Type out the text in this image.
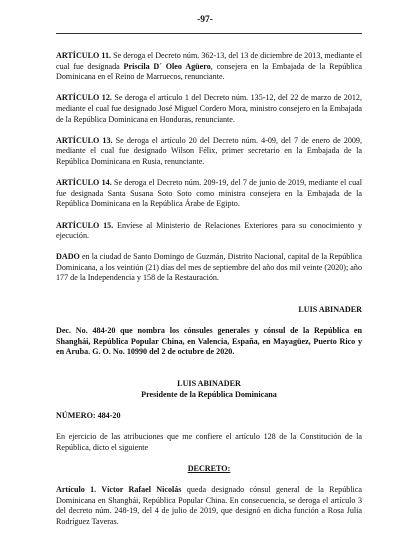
-97-

ARTÍCULO 11. Se deroga el Decreto núm. 362-13, del 13 de diciembre de 2013, mediante el cual fue designada Priscila D´ Oleo Agüero, consejera en la Embajada de la República Dominicana en el Reino de Marruecos, renunciante.

ARTÍCULO 12. Se deroga el artículo 1 del Decreto núm. 135-12, del 22 de marzo de 2012, mediante el cual fue designado José Miguel Cordero Mora, ministro consejero en la Embajada de la República Dominicana en Honduras, renunciante.

ARTÍCULO 13. Se deroga el artículo 20 del Decreto núm. 4-09, del 7 de enero de 2009, mediante el cual fue designado Wilson Félix, primer secretario en la Embajada de la República Dominicana en Rusia, renunciante.

ARTÍCULO 14. Se deroga el Decreto núm. 209-19, del 7 de junio de 2019, mediante el cual fue designada Santa Susana Soto Soto como ministra consejera en la Embajada de la República Dominicana en la República Árabe de Egipto.

ARTÍCULO 15. Envíese al Ministerio de Relaciones Exteriores para su conocimiento y ejecución.

DADO en la ciudad de Santo Domingo de Guzmán, Distrito Nacional, capital de la República Dominicana, a los veintiún (21) días del mes de septiembre del año dos mil veinte (2020); año 177 de la Independencia y 158 de la Restauración.

LUIS ABINADER

Dec. No. 484-20 que nombra los cónsules generales y cónsul de la República en Shanghái, República Popular China, en Valencia, España, en Mayagüez, Puerto Rico y en Aruba. G. O. No. 10990 del 2 de octubre de 2020.

LUIS ABINADER

Presidente de la República Dominicana

NÚMERO: 484-20

En ejercicio de las atribuciones que me confiere el artículo 128 de la Constitución de la República, dicto el siguiente

DECRETO:

Artículo 1. Víctor Rafael Nicolás queda designado cónsul general de la República Dominicana en Shanghái, República Popular China. En consecuencia, se deroga el artículo 3 del decreto núm. 248-19, del 4 de julio de 2019, que designó en dicha función a Rosa Julia Rodríguez Taveras.
